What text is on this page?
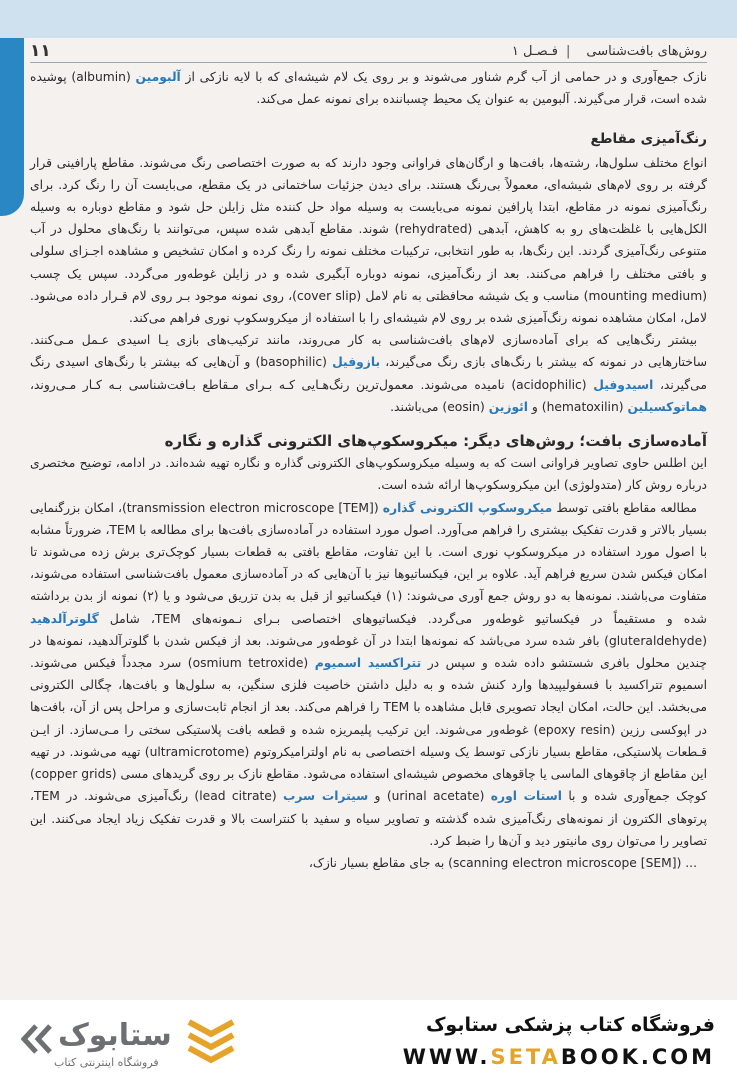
روش‌های بافت‌شناسی
|
فـصـل ۱
۱۱

نازک جمع‌آوری و در حمامی از آب گرم شناور می‌شوند و بر روی یک لام شیشه‌ای که با لایه نازکی از آلبومین (albumin) پوشیده شده است، قرار می‌گیرند. آلبومین به عنوان یک محیط چسباننده برای نمونه عمل می‌کند.

رنگ‌آمیزی مقاطع

انواع مختلف سلول‌ها، رشته‌ها، بافت‌ها و ارگان‌های فراوانی وجود دارند که به صورت اختصاصی رنگ می‌شوند. مقاطع پارافینی قرار گرفته بر روی لام‌های شیشه‌ای، معمولاً بی‌رنگ هستند. برای دیدن جزئیات ساختمانی در یک مقطع، می‌بایست آن را رنگ کرد. برای رنگ‌آمیزی نمونه در مقاطع، ابتدا پارافین نمونه می‌بایست به وسیله مواد حل کننده مثل زایلن حل شود و مقاطع دوباره به وسیله الکل‌هایی با غلظت‌های رو به کاهش، آبدهی (rehydrated) شوند. مقاطع آبدهی شده سپس، می‌توانند با رنگ‌های محلول در آب متنوعی رنگ‌آمیزی گردند. این رنگ‌ها، به طور انتخابی، ترکیبات مختلف نمونه را رنگ کرده و امکان تشخیص و مشاهده اجـزای سلولی و بافتی مختلف را فراهم می‌کنند. بعد از رنگ‌آمیزی، نمونه دوباره آبگیری شده و در زایلن غوطه‌ور می‌گردد. سپس یک چسب (mounting medium) مناسب و یک شیشه محافظتی به نام لامل (cover slip)، روی نمونه موجود بـر روی لام قـرار داده می‌شود. لامل، امکان مشاهده نمونه رنگ‌آمیزی شده بر روی لام شیشه‌ای را با استفاده از میکروسکوپ نوری فراهم می‌کند.

بیشتر رنگ‌هایی که برای آماده‌سازی لام‌های بافت‌شناسی به کار می‌روند، مانند ترکیب‌های بازی یـا اسیدی عـمل مـی‌کنند. ساختارهایی در نمونه که بیشتر با رنگ‌های بازی رنگ می‌گیرند، بازوفیل (basophilic) و آن‌هایی که بیشتر با رنگ‌های اسیدی رنگ می‌گیرند، اسیدوفیل (acidophilic) نامیده می‌شوند. معمول‌ترین رنگ‌هـایی کـه بـرای مـقاطع بـافت‌شناسی بـه کـار مـی‌روند، هماتوکسیلین (hematoxilin) و ائوزین (eosin) می‌باشند.

آماده‌سازی بافت؛ روش‌های دیگر: میکروسکوپ‌های الکترونی گذاره و نگاره

این اطلس حاوی تصاویر فراوانی است که به وسیله میکروسکوپ‌های الکترونی گذاره و نگاره تهیه شده‌اند. در ادامه، توضیح مختصری درباره روش کار (متدولوژی) این میکروسکوپ‌ها ارائه شده است.

مطالعه مقاطع بافتی توسط میکروسکوپ الکترونی گذاره (transmission electron microscope [TEM])، امکان بزرگنمایی بسیار بالاتر و قدرت تفکیک بیشتری را فراهم می‌آورد. اصول مورد استفاده در آماده‌سازی بافت‌ها برای مطالعه با TEM، ضرورتاً مشابه با اصول مورد استفاده در میکروسکوپ نوری است. با این تفاوت، مقاطع بافتی به قطعات بسیار کوچک‌تری برش زده می‌شوند تا امکان فیکس شدن سریع فراهم آید. علاوه بر این، فیکساتیوها نیز با آن‌هایی که در آماده‌سازی معمول بافت‌شناسی استفاده می‌شوند، متفاوت می‌باشند. نمونه‌ها به دو روش جمع آوری می‌شوند: (۱) فیکساتیو از قبل به بدن تزریق می‌شود و یا (۲) نمونه از بدن برداشته شده و مستقیماً در فیکساتیو غوطه‌ور می‌گردد. فیکساتیوهای اختصاصی بـرای نـمونه‌های TEM، شامل گلوترآلدهید (gluteraldehyde) بافر شده سرد می‌باشد که نمونه‌ها ابتدا در آن غوطه‌ور می‌شوند. بعد از فیکس شدن با گلوترآلدهید، نمونه‌ها در چندین محلول بافری شستشو داده شده و سپس در تتراکسید اسمیوم (osmium tetroxide) سرد مجدداً فیکس می‌شوند. اسمیوم تتراکسید با فسفولیپیدها وارد کنش شده و به دلیل داشتن خاصیت فلزی سنگین، به سلول‌ها و بافت‌ها، چگالی الکترونی می‌بخشد. این حالت، امکان ایجاد تصویری قابل مشاهده با TEM را فراهم می‌کند. بعد از انجام ثابت‌سازی و مراحل پس از آن، بافت‌ها در اپوکسی رزین (epoxy resin) غوطه‌ور می‌شوند. این ترکیب پلیمریزه شده و قطعه بافت پلاستیکی سختی را مـی‌سازد. از ایـن قـطعات پلاستیکی، مقاطع بسیار نازکی توسط یک وسیله اختصاصی به نام اولترامیکروتوم (ultramicrotome) تهیه می‌شوند. در تهیه این مقاطع از چاقوهای الماسی یا چاقوهای مخصوص شیشه‌ای استفاده می‌شود. مقاطع نازک بر روی گریدهای مسی (copper grids) کوچک جمع‌آوری شده و با استات اوره (urinal acetate) و سیترات سرب (lead citrate) رنگ‌آمیزی می‌شوند. در TEM، پرتوهای الکترون از نمونه‌های رنگ‌آمیزی شده گذشته و تصاویر سیاه و سفید با کنتراست بالا و قدرت تفکیک زیاد ایجاد می‌کنند. این تصاویر را می‌توان روی مانیتور دید و آن‌ها را ضبط کرد.

... (scanning electron microscope [SEM]) به جای مقاطع بسیار نازک،

فروشگاه کتاب پزشکی ستابوک
WWW.SETABOOK.COM
ستابوک
فروشگاه اینترنتی کتاب
